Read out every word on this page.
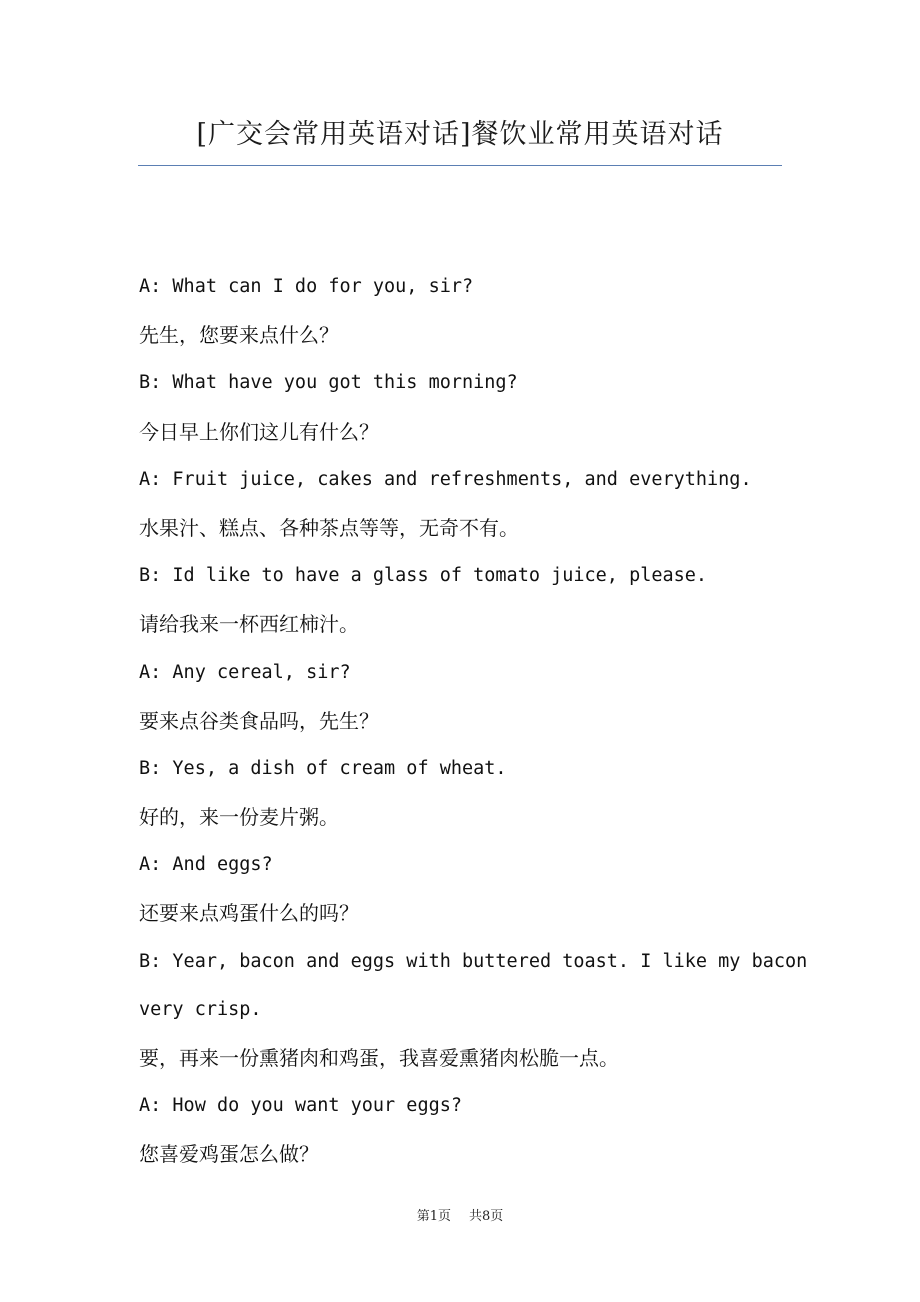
[广交会常用英语对话]餐饮业常用英语对话
A: What can I do for you, sir?
先生，您要来点什么？
B: What have you got this morning?
今日早上你们这儿有什么？
A: Fruit juice, cakes and refreshments, and everything.
水果汁、糕点、各种茶点等等，无奇不有。
B: Id like to have a glass of tomato juice, please.
请给我来一杯西红柿汁。
A: Any cereal, sir?
要来点谷类食品吗，先生？
B: Yes, a dish of cream of wheat.
好的，来一份麦片粥。
A: And eggs?
还要来点鸡蛋什么的吗？
B: Year, bacon and eggs with buttered toast. I like my bacon
very crisp.
要，再来一份熏猪肉和鸡蛋，我喜爱熏猪肉松脆一点。
A: How do you want your eggs?
您喜爱鸡蛋怎么做？
第1页 共8页
